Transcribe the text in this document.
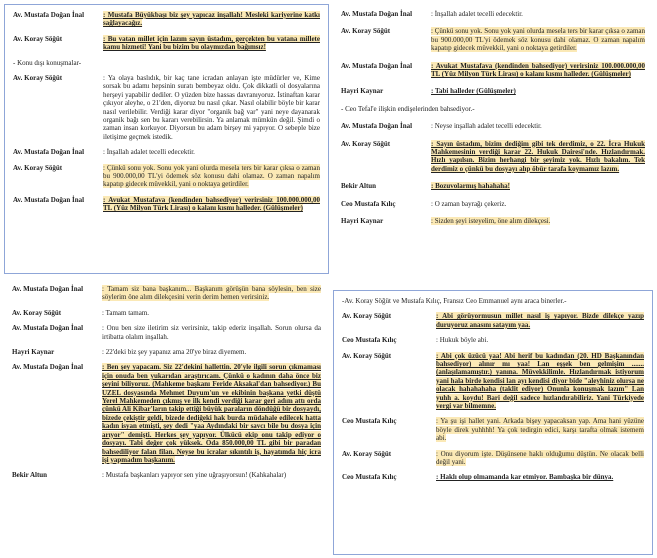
Av. Mustafa Doğan İnal	: Mustafa Büyükbaşı biz şey yapıcaz inşallah! Mesleki kariyerine katkı sağlayacağız.
Av. Koray Söğüt	: Bu vatan millet için lazım sayın üstadım, gerçekten bu vatana millete kamu hizmeti! Yani bu bizim bu olaymızdan bağımsız!
- Konu dışı konuşmalar-
Av. Koray Söğüt	: Ya olaya baslıdık, bir kaç tane icradan anlayan işte müdürler ve, Kime sorsak bu adamı hepsinin suratı bembeyaz oldu. Çok dikkatli ol dosyalarına herşeyi yapabilir dediler. O yüzden bize hassas davranıyoruz. İstinaftan karar çıkıyor aleyhe, o 21'den, diyoruz bu nasıl çıkar. Nasıl olabilir böyle bir karar nasıl verilebilir. Verdiği karar diyor "organik bağ var" yani neye dayanarak organik bağı sen bu kararı verebilirsin. Ya anlamak mümkün değil. Şimdi o zaman insan korkuyor. Diyorsun bu adam birşey mi yapıyor. O sebeple bize iletişime geçmek istedik.
Av. Mustafa Doğan İnal	: İnşallah adalet tecelli edecektir.
Av. Koray Söğüt	: Çünkü sonu yok. Sonu yok yani olurda mesela ters bir karar çıksa o zaman bu 900.000,00 TL'yi ödemek söz konusu dahi olamaz. O zaman napalım kapatıp gidecek müvekkil, yani o noktaya getirdiler.
Av. Mustafa Doğan İnal	: Avukat Mustafava (kendinden bahsediyor) verirsiniz 100.000.000,00 TL (Yüz Milyon Türk Lirası) o kalanı kısmı halleder. (Gülüşmeler)
Av. Mustafa Doğan İnal	: İnşallah adalet tecelli edecektir.
Av. Koray Söğüt	: Çünkü sonu yok. Sonu yok yani olurda mesela ters bir karar çıksa o zaman bu 900.000,00 TL'yi ödemek söz konusu dahi olamaz. O zaman napalım kapatıp gidecek müvekkil, yani o noktaya getirdiler.
Av. Mustafa Doğan İnal	: Avukat Mustafava (kendinden bahsediyor) verirsiniz 100.000.000,00 TL (Yüz Milyon Türk Lirası) o kalanı kısmı halleder. (Gülüşmeler)
Hayri Kaynar	: Tabi halleder (Gülüşmeler)
- Ceo Tefal'e ilişkin endişelerinden bahsediyor.-
Av. Mustafa Doğan İnal	: Neyse inşallah adalet tecelli edecektir.
Av. Koray Söğüt	: Sayın üstadım, bizim dediğim gibi tek derdimiz, o 22. İcra Hukuk Mahkemesinin verdiği karar 22. Hukuk Dairesi'nde. Hızlandırmak. Hızlı yapılsın. Bizim herhangi bir şeyimiz yok. Hızlı bakalım. Tek derdimiz o çünkü bu dosyayı alıp öbür tarafa koymamız lazım.
Bekir Altun	: Bozuvolarmış hahahaha!
Ceo Mustafa Kılıç	: O zaman bayrağı çekeriz.
Hayri Kaynar	: Sizden şeyi isteyelim, öne alım dilekçesi.
Av. Mustafa Doğan İnal	: Tamam siz bana başkanım... Başkanım görüşün bana söylesin, ben size söylerim öne alım dilekçesini verin derim hemen verirsiniz.
Av. Koray Söğüt	: Tamam tamam.
Av. Mustafa Doğan İnal	: Onu ben size iletirim siz verirsiniz, takip ederiz inşallah. Sorun olursa da irtibatta olalım inşallah.
Hayri Kaynar	: 22'deki biz şey yapanız ama 20'ye biraz diyemem.
Av. Mustafa Doğan İnal	: Ben şey yapacam. Siz 22'dekini hallettin. 20'yle ilgili sorun çıkmaması için onuda ben yukarıdan araştırıcam. Çünkü o kadının daha önce biz şeyini biliyoruz. (Mahkeme başkanı Feride Aksakal'dan bahsediyor.) Bu UZEL dosyasında Mehmet Duyum'un ve ekibinin başkana yetki düştü Yerel Mahkemeden çıkmış ve ilk kendi verdiği karar geri adım attı orda çünkü Ali Kibar'ların takip ettiği büyük paraların döndüğü bir dosyaydı, bizede çekiştir geldi, bizede dediğeki hak burda müdahale edilecek hatta kadın isyan etmişti, şey dedi "yaa Aydındaki bir savcı bile bu dosya için arıyor" demişti. Herkes şey yapıyor. Ülkücü ekip onu takip ediyor o dosyayı. Tabi değer çok yüksek. Oda 850.000,00 TL gibi bir paradan bahsediliyor falan filan. Neyse bu icralar sıkıntılı iş, hayatımda hiç icra işi yapmadım başkanım.
Bekir Altun	: Mustafa başkanları yapıyor sen yine uğraşıyorsun! (Kahkahalar)
-Av. Koray Söğüt ve Mustafa Kılıç, Fransız Ceo Emmanuel aynı araca binerler.-
Av. Koray Söğüt	: Abi görüyormusun millet nasıl iş yapıyor. Bizde dilekçe yazıp duruyoruz anasını satayım yaa.
Ceo Mustafa Kılıç	: Hukuk böyle abi.
Av. Koray Söğüt	: Abi çok üzücü yaa! Abi herif bu kadından (20. HD Başkanından bahsediyor) alınır mı yaa! Lan eşşek ben gelmişim ....... (anlaşılamamıştır.) yanına. Müvekkilimle. Hızlandırmak istiyorum yani hala birde kendisi lan ayı kendisi diyor bide "aleyhiniz olursa ne olacak hahahahaha (taklit ediyor) Onunla konuşmak lazım" Lan yuhh a. koydu! Bari değil sadece hızlandırabiliriz. Yani Türkiyede vergi var bilmemne.
Ceo Mustafa Kılıç	: Ya şu işi hallet yani. Arkada bişey yapacaksan yap. Ama hani yüzüne böyle direk yuhhhh! Ya çok tedirgin edici, karşı tarafta olmak istemem abi.
Av. Koray Söğüt	: Onu diyorum işte. Düşünsene haklı olduğumu düştün. Ne olacak belli değil yani.
Ceo Mustafa Kılıç	: Haklı olup olmamanda kar etmiyor. Bambaşka bir dünya.
